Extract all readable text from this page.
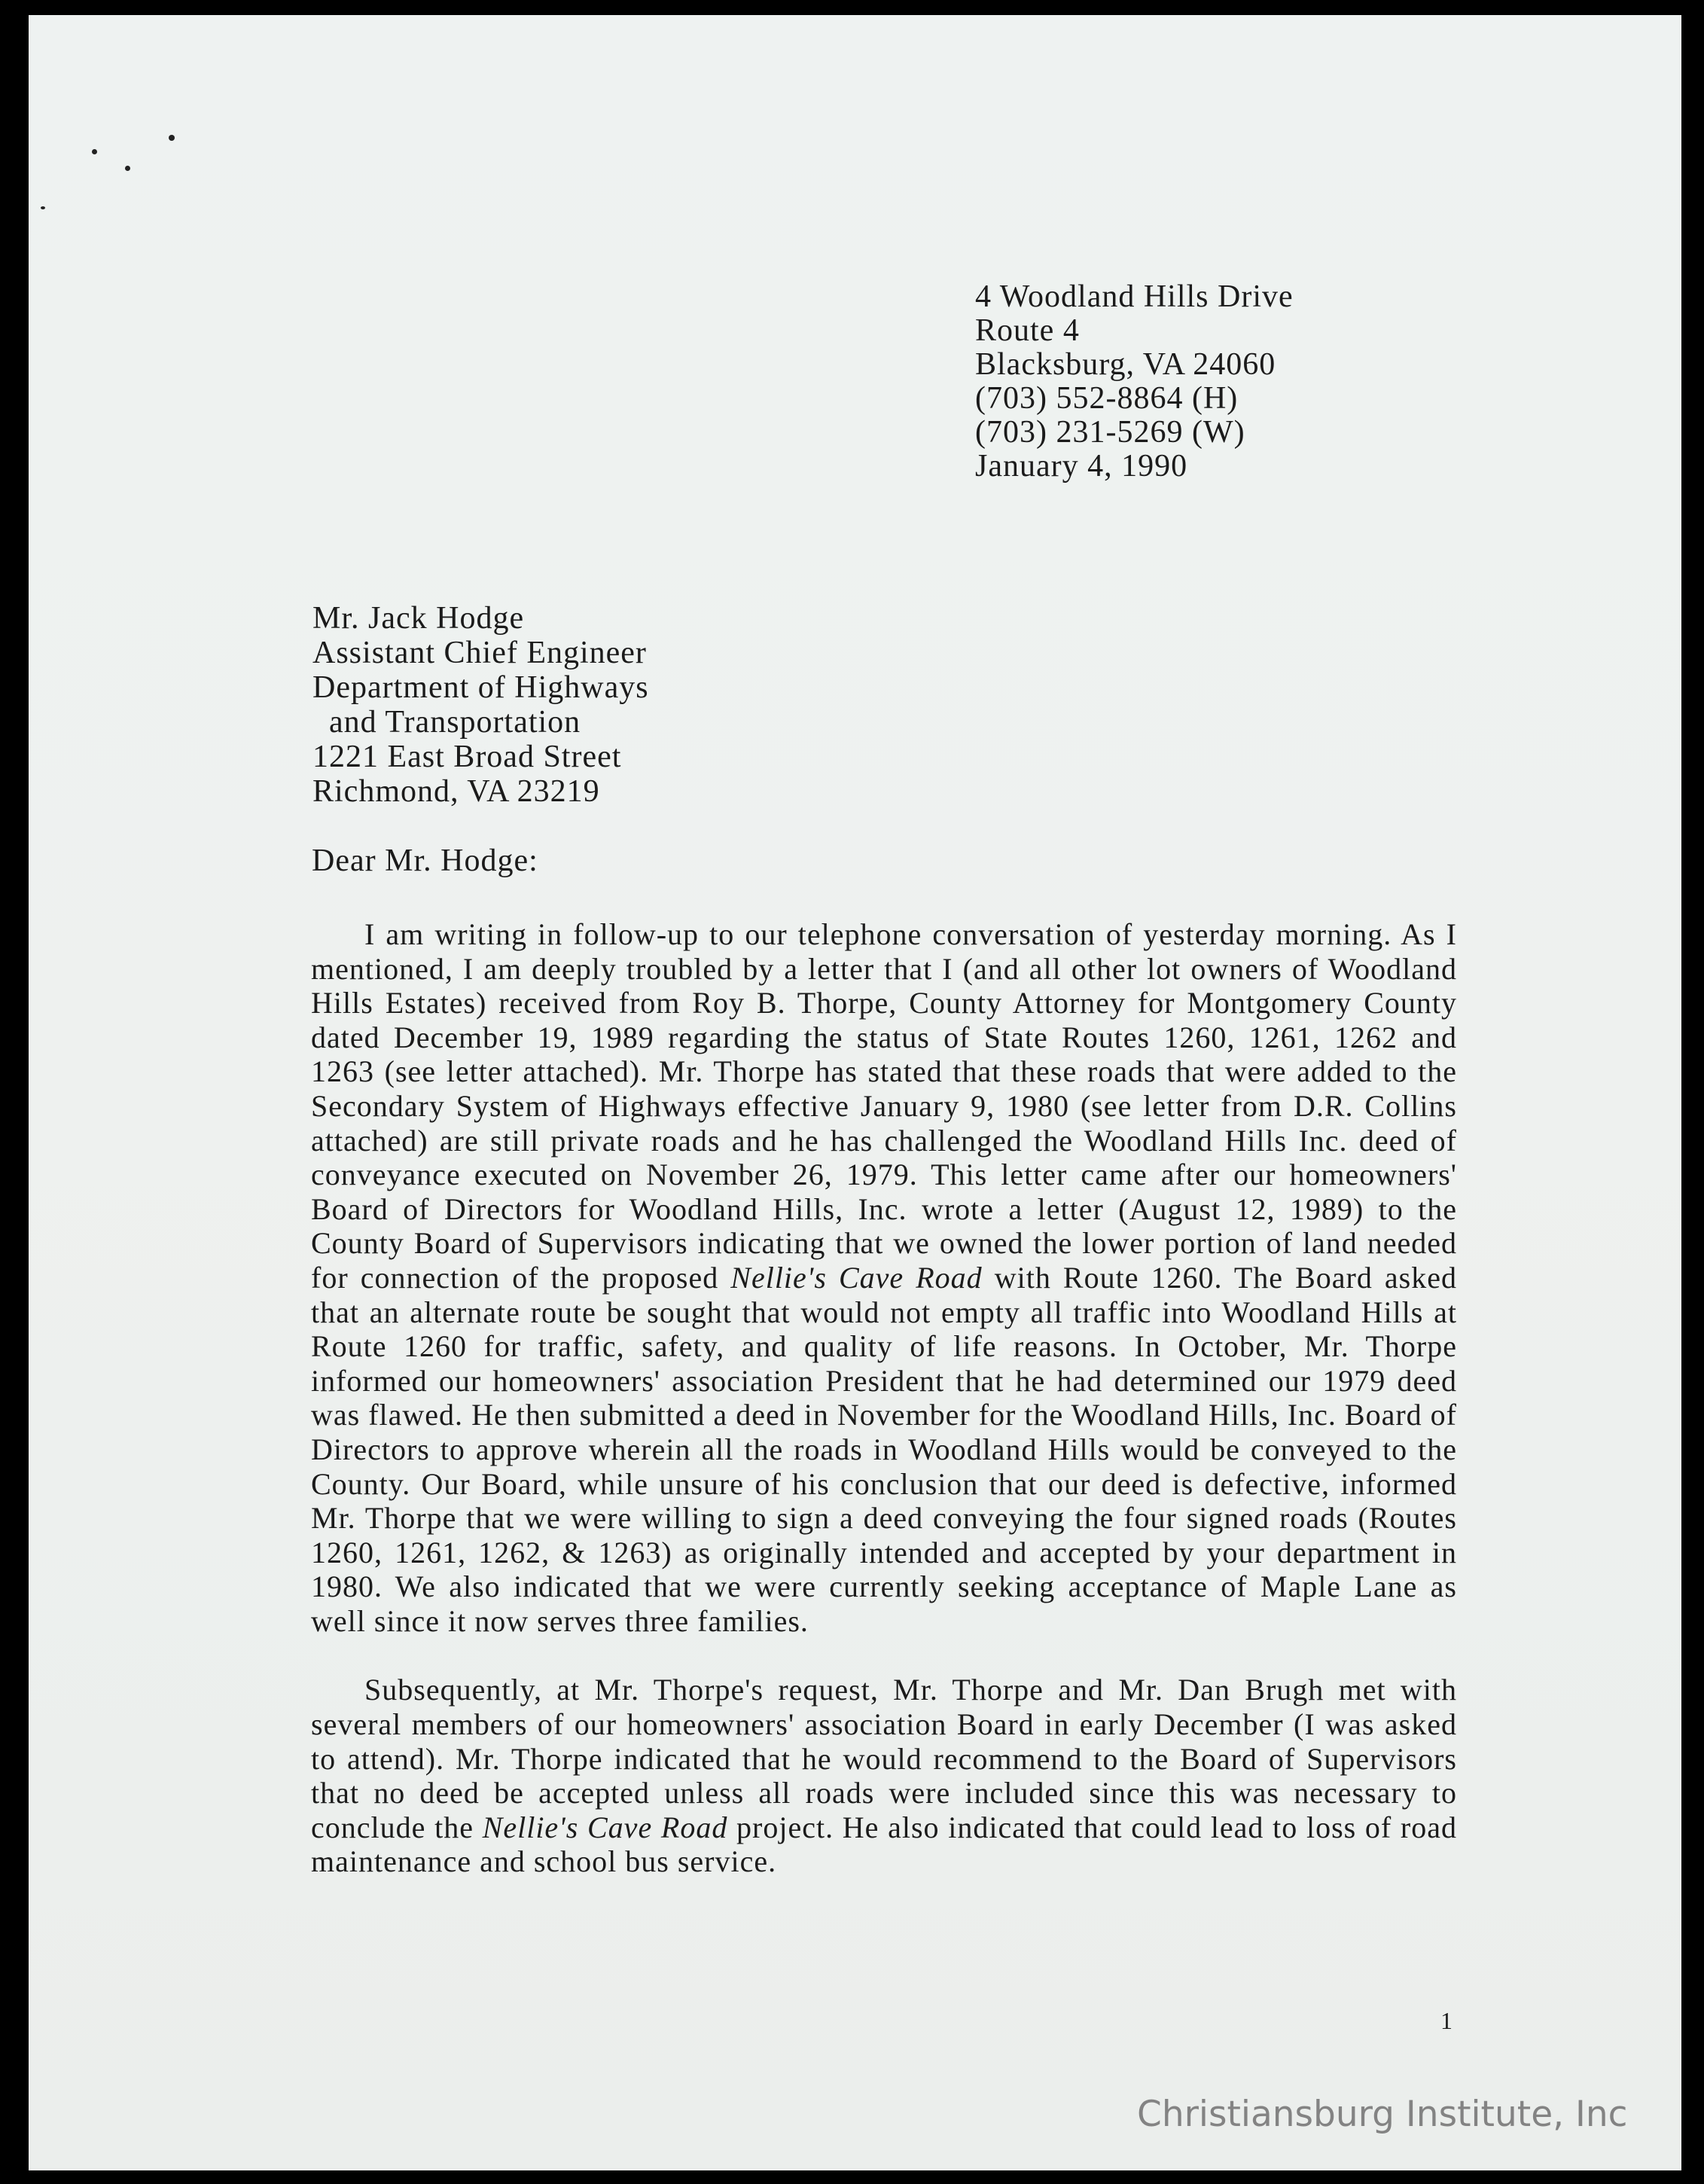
4 Woodland Hills Drive
Route 4
Blacksburg, VA 24060
(703) 552-8864 (H)
(703) 231-5269 (W)
January 4, 1990
Mr. Jack Hodge
Assistant Chief Engineer
Department of Highways
and Transportation
1221 East Broad Street
Richmond, VA 23219
Dear Mr. Hodge:

I am writing in follow-up to our telephone conversation of yesterday morning. As I mentioned, I am deeply troubled by a letter that I (and all other lot owners of Woodland Hills Estates) received from Roy B. Thorpe, County Attorney for Montgomery County dated December 19, 1989 regarding the status of State Routes 1260, 1261, 1262 and 1263 (see letter attached). Mr. Thorpe has stated that these roads that were added to the Secondary System of Highways effective January 9, 1980 (see letter from D.R. Collins attached) are still private roads and he has challenged the Woodland Hills Inc. deed of conveyance executed on November 26, 1979. This letter came after our homeowners' Board of Directors for Woodland Hills, Inc. wrote a letter (August 12, 1989) to the County Board of Supervisors indicating that we owned the lower portion of land needed for connection of the proposed Nellie's Cave Road with Route 1260. The Board asked that an alternate route be sought that would not empty all traffic into Woodland Hills at Route 1260 for traffic, safety, and quality of life reasons. In October, Mr. Thorpe informed our homeowners' association President that he had determined our 1979 deed was flawed. He then submitted a deed in November for the Woodland Hills, Inc. Board of Directors to approve wherein all the roads in Woodland Hills would be conveyed to the County. Our Board, while unsure of his conclusion that our deed is defective, informed Mr. Thorpe that we were willing to sign a deed conveying the four signed roads (Routes 1260, 1261, 1262, & 1263) as originally intended and accepted by your department in 1980. We also indicated that we were currently seeking acceptance of Maple Lane as well since it now serves three families.

Subsequently, at Mr. Thorpe's request, Mr. Thorpe and Mr. Dan Brugh met with several members of our homeowners' association Board in early December (I was asked to attend). Mr. Thorpe indicated that he would recommend to the Board of Supervisors that no deed be accepted unless all roads were included since this was necessary to conclude the Nellie's Cave Road project. He also indicated that could lead to loss of road maintenance and school bus service.

1
Christiansburg Institute, Inc
